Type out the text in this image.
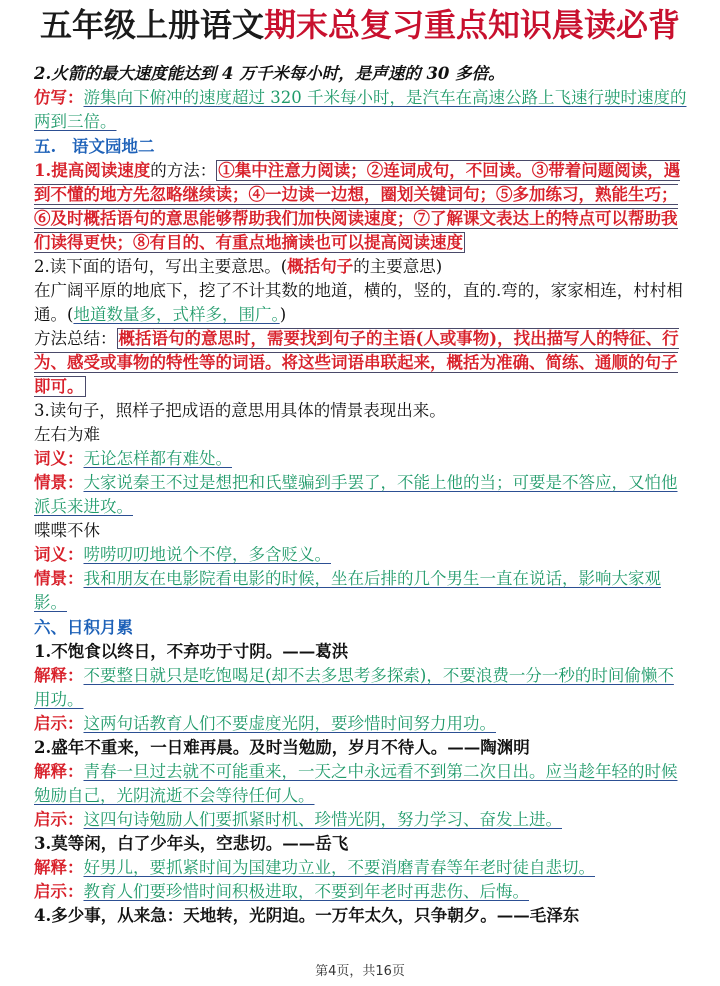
五年级上册语文期末总复习重点知识晨读必背

2.火箭的最大速度能达到 4 万千米每小时，是声速的 30 多倍。

仿写：游集向下俯冲的速度超过 320 千米每小时，是汽车在高速公路上飞速行驶时速度的两到三倍。

五. 语文园地二

1.提高阅读速度的方法： ①集中注意力阅读；②连词成句，不回读。③带着问题阅读，遇到不懂的地方先忽略继续读；④一边读一边想，圈划关键词句；⑤多加练习，熟能生巧；⑥及时概括语句的意思能够帮助我们加快阅读速度；⑦了解课文表达上的特点可以帮助我们读得更快；⑧有目的、有重点地摘读也可以提高阅读速度

2.读下面的语句，写出主要意思。(概括句子的主要意思)

在广阔平原的地底下，挖了不计其数的地道，横的，竖的，直的.弯的，家家相连，村村相通。(地道数量多，式样多，围广。)

方法总结： 概括语句的意思时，需要找到句子的主语(人或事物)，找出描写人的特征、行为、感受或事物的特性等的词语。将这些词语串联起来，概括为准确、简练、通顺的句子即可。

3.读句子，照样子把成语的意思用具体的情景表现出来。

左右为难

词义：无论怎样都有难处。

情景：大家说秦王不过是想把和氏璧骗到手罢了，不能上他的当；可要是不答应，又怕他派兵来进攻。

喋喋不休

词义：唠唠叨叨地说个不停，多含贬义。

情景：我和朋友在电影院看电影的时候，坐在后排的几个男生一直在说话，影响大家观影。

六、日积月累

1.不饱食以终日，不弃功于寸阴。——葛洪

解释：不要整日就只是吃饱喝足(却不去多思考多探索)，不要浪费一分一秒的时间偷懒不用功。

启示：这两句话教育人们不要虚度光阴，要珍惜时间努力用功。

2.盛年不重来，一日难再晨。及时当勉励，岁月不待人。——陶渊明

解释：青春一旦过去就不可能重来，一天之中永远看不到第二次日出。应当趁年轻的时候勉励自己，光阴流逝不会等待任何人。

启示：这四句诗勉励人们要抓紧时机、珍惜光阴，努力学习、奋发上进。

3.莫等闲，白了少年头，空悲切。——岳飞

解释：好男儿，要抓紧时间为国建功立业，不要消磨青春等年老时徒自悲切。

启示：教育人们要珍惜时间积极进取，不要到年老时再悲伤、后悔。

4.多少事，从来急：天地转，光阴迫。一万年太久，只争朝夕。——毛泽东

第4页，共16页
